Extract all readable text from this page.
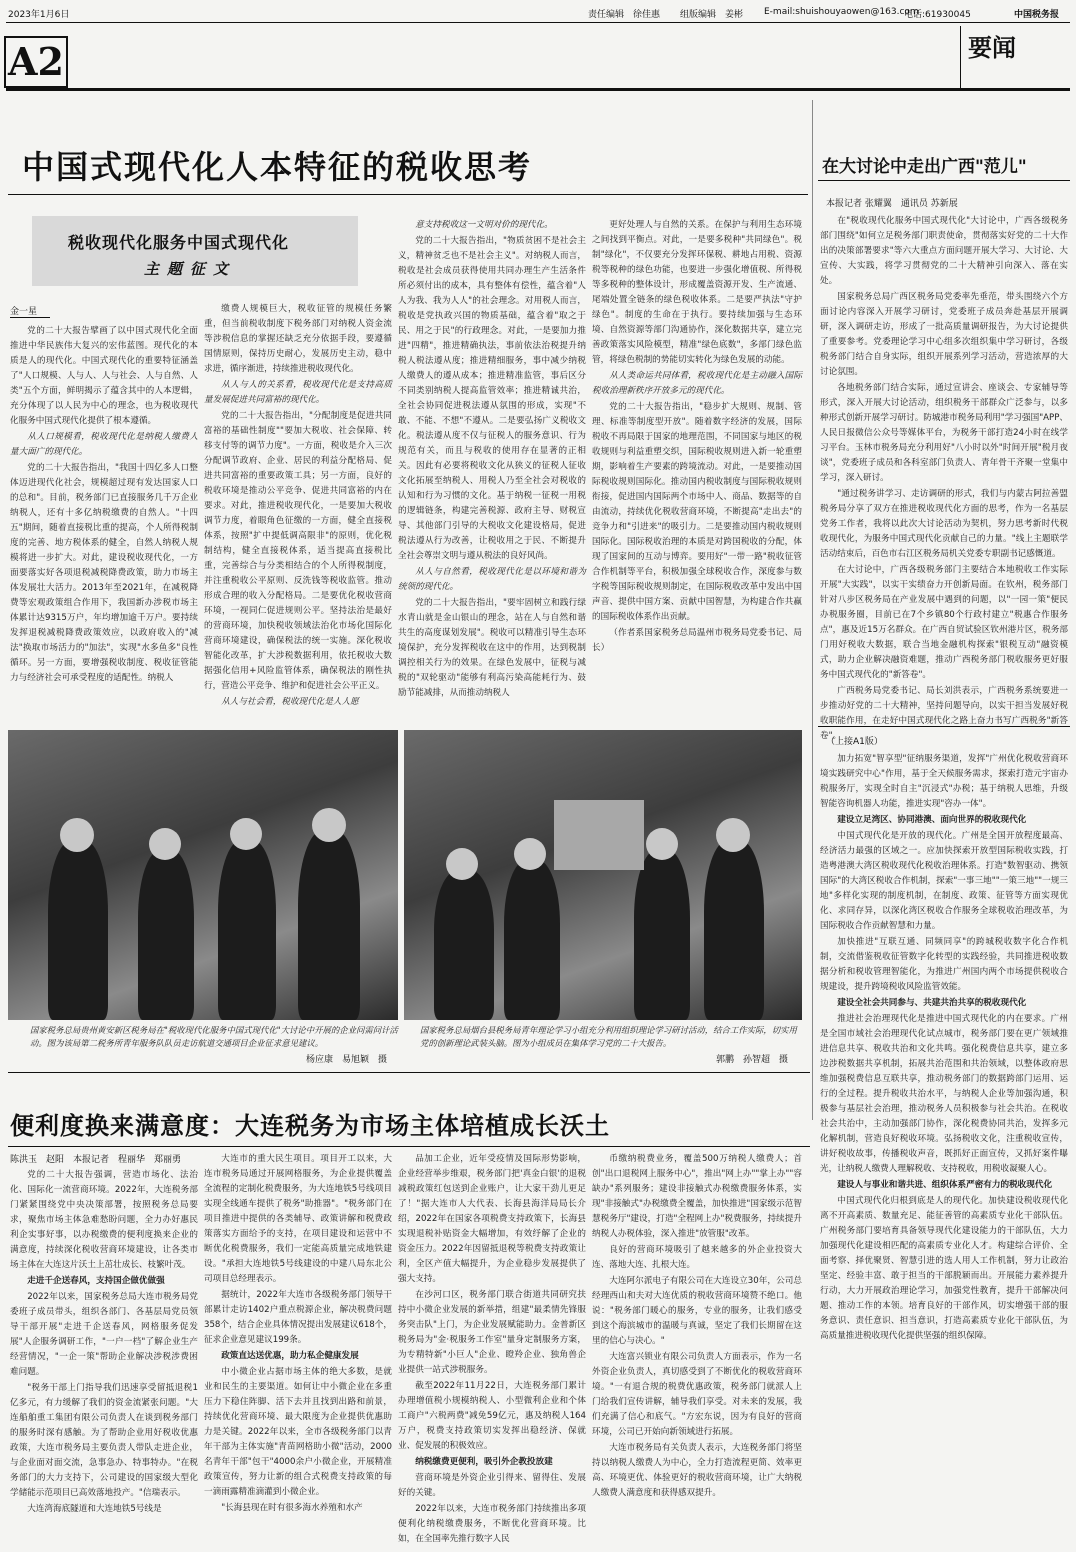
2023年1月6日	责任编辑　徐佳惠 组版编辑　姜彬 E-mail:shuishouyaowen@163.com
电话:61930045	中国税务报
A2	要闻
中国式现代化人本特征的税收思考
税收现代化服务中国式现代化
主题征文
金一星

党的二十大报告擘画了以中国式现代化全面推进中华民族伟大复兴的宏伟蓝图。现代化的本质是人的现代化。中国式现代化的重要特征涵盖了"人口规模、人与人、人与社会、人与自然、人类"五个方面，鲜明揭示了蕴含其中的人本逻辑，充分体现了以人民为中心的理念，也为税收现代化服务中国式现代化提供了根本遵循。

从人口规模看，税收现代化是纳税人缴费人量大面广的现代化。

党的二十大报告指出，"我国十四亿多人口整体迈进现代化社会，规模超过现有发达国家人口的总和"。目前，税务部门已直接服务几千万企业纳税人，还有十多亿纳税缴费的自然人。"十四五"期间，随着直接税比重的提高，个人所得税制度的完善、地方税体系的健全，自然人纳税人规模将进一步扩大。对此，建设税收现代化，一方面要落实好各项退税减税降费政策，助力市场主体发展壮大活力。2013年至2021年，在减税降费等宏观政策组合作用下，我国新办涉税市场主体累计达9315万户，年均增加逾千万户。要持续发挥退税减税降费政策效应，以政府收入的"减法"换取市场活力的"加法"，实现"水多鱼多"良性循环。另一方面，要增强税收制度、税收征管能力与经济社会可承受程度的适配性。纳税人

缴费人规模巨大，税收征管的规模任务繁重，但当前税收制度下税务部门对纳税人资金流等涉税信息的掌握还缺乏充分依据手段，要遵循国情原则，保持历史耐心，发展历史主动，稳中求进，循序渐进，持续推进税收现代化。

从人与人的关系看，税收现代化是支持高质量发展促进共同富裕的现代化。

党的二十大报告指出，"分配制度是促进共同富裕的基础性制度""要加大税收、社会保障、转移支付等的调节力度"。一方面，税收是介入三次分配调节政府、企业、居民的利益分配格局、促进共同富裕的重要政策工具；另一方面，良好的税收环境是推动公平竞争、促进共同富裕的内在要求。对此，推进税收现代化，一是要加大税收调节力度，着眼角色征缴的一方面，健全直接税体系，按照"扩中提低调高限非"的原则，优化税制结构，健全直接税体系，适当提高直接税比重，完善综合与分类相结合的个人所得税制度，并注重税收公平原则、反洗钱等税收监管。推动形成合理的收入分配格局。二是要优化税收营商环境，一视同仁促进规则公平。坚持法治是最好的营商环境，加快税收领域法治化市场化国际化营商环境建设，确保税法的统一实施。深化税收智能化改革，扩大涉税数据利用，依托税收大数据强化信用+风险监管体系，确保税法的刚性执行，营造公平竞争、维护和促进社会公平正义。

从人与社会看，税收现代化是人人愿

意支持税收这一文明对价的现代化。

党的二十大报告指出，"物质贫困不是社会主义，精神贫乏也不是社会主义"。对纳税人而言，税收是社会成员获得使用共同办理生产生活条件所必须付出的成本，具有整体有偿性，蕴含着"人人为我、我为人人"的社会理念。对用税人而言，税收是党执政兴国的物质基础，蕴含着"取之于民、用之于民"的行政理念。对此，一是要加力推进"四精"，推进精确执法，事前依法治税提升纳税人税法遵从度；推进精细服务，事中减少纳税人缴费人的遵从成本；推进精准监管，事后区分不同类别纳税人提高监管效率；推进精诚共治，全社会协同促进税法遵从氛围的形成，实现"不敢、不能、不想"不遵从。二是要弘扬广义税收文化。税法遵从度不仅与征税人的服务意识、行为规范有关，而且与税收的使用存在显著的正相关。因此有必要将税收文化从狭义的征税人征收文化拓展至纳税人、用税人乃至全社会对税收的认知和行为习惯的文化。基于纳税一征税一用税的逻辑链条，构建完善税源、政府主导、财税宣导、其他部门引导的大税收文化建设格局，促进税法遵从行为改善，让税收用之于民、不断提升全社会尊崇文明与遵从税法的良好风尚。

从人与自然看，税收现代化是以环境和谐为统领的现代化。

党的二十大报告指出，"要牢固树立和践行绿水青山就是金山银山的理念，站在人与自然和谐共生的高度谋划发展"。税收可以精准引导生态环境保护，充分发挥税收在这中的作用，达到税制调控相关行为的效果。在绿色发展中，征税与减税的"双轮驱动"能够有利高污染高能耗行为、鼓励节能减排，从而推动纳税人

更好处理人与自然的关系。在保护与利用生态环境之间找到平衡点。对此，一是要多税种"共同绿色"。税制"绿化"，不仅要充分发挥环保税、耕地占用税、资源税等税种的绿色功能，也要进一步强化增值税、所得税等多税种的整体设计，形成覆盖资源开发、生产流通、尾端处置全链条的绿色税收体系。二是要严执法"守护绿色"。制度的生命在于执行。要持续加强与生态环境、自然资源等部门沟通协作，深化数据共享，建立完善政策落实风险模型，精准"绿色底数"，多部门绿色监管，将绿色税制的势能切实转化为绿色发展的动能。

从人类命运共同体看，税收现代化是主动融入国际税收治理新秩序开放多元的现代化。

党的二十大报告指出，"稳步扩大规则、规制、管理、标准等制度型开放"。随着数字经济的发展，国际税收不再局限于国家的地理范围，不同国家与地区的税收规则与利益重塑交织，国际税收规则进入新一轮重塑期，影响着生产要素的跨境流动。对此，一是要推动国际税收规则国际化。推动国内税收制度与国际税收规则衔接，促进国内国际两个市场中人、商品、数据等的自由流动，持续优化税收营商环境，不断提高"走出去"的竞争力和"引进来"的吸引力。二是要推动国内税收规则国际化。国际税收治理的本质是对跨国税收的分配，体现了国家间的互动与博弈。要用好"一带一路"税收征管合作机制等平台，积极加强全球税收合作，深度参与数字税等国际税收规则制定，在国际税收改革中发出中国声音、提供中国方案、贡献中国智慧，为构建合作共赢的国际税收体系作出贡献。

（作者系国家税务总局温州市税务局党委书记、局长）

国家税务总局贵州黄安新区税务局在"税收现代化服务中国式现代化"大讨论中开展的企业问需问计活动。图为该局第二税务所青年服务队队员走访航道交通项目企业征求意见建议。
杨应康　易旭颖　摄
国家税务总局烟台县税务局青年理论学习小组充分利用组织理论学习研讨活动，结合工作实际，切实用党的创新理论武装头脑。图为小组成员在集体学习党的二十大报告。
郭鹏　孙智超　摄
在大讨论中走出广西"范儿"
本报记者 张耀翼　通讯员 苏新展

在"税收现代化服务中国式现代化"大讨论中，广西各级税务部门围绕"如何立足税务部门职责使命，贯彻落实好党的二十大作出的决策部署要求"等六大重点方面问题开展大学习、大讨论、大宣传、大实践，将学习贯彻党的二十大精神引向深入、落在实处。

国家税务总局广西区税务局党委率先垂范，带头围绕六个方面讨论内容深入开展学习研讨，党委班子成员奔赴基层开展调研，深入调研走访，形成了一批高质量调研报告，为大讨论提供了重要参考。党委理论学习中心组多次组织集中学习研讨，各级税务部门结合自身实际，组织开展系列学习活动，营造浓厚的大讨论氛围。

各地税务部门结合实际，通过宣讲会、座谈会、专家辅导等形式，深入开展大讨论活动，组织税务干部群众广泛参与，以多种形式创新开展学习研讨。防城港市税务局利用"学习强国"APP、人民日报微信公众号等媒体平台，为税务干部打造24小时在线学习平台。玉林市税务局充分利用好"八小时以外"时间开展"税月夜谈"，党委班子成员和各科室部门负责人、青年骨干齐聚一堂集中学习，深入研讨。

"通过税务讲学习、走访调研的形式，我们与内蒙古阿拉善盟税务局分享了双方在推进税收现代化方面的思考，作为一名基层党务工作者，我将以此次大讨论活动为契机，努力思考新时代税收现代化，为服务中国式现代化贡献自己的力量。"线上主题联学活动结束后，百色市右江区税务局机关党委专职副书记感慨道。

在大讨论中，广西各级税务部门主要结合本地税收工作实际开展"大实践"，以实干实绩奋力开创新局面。在钦州，税务部门针对八步区税务局在产业发展中遇到的问题，以"一园一策"便民办税服务圈，目前已在7个乡镇80个行政村建立"税惠合作服务点"，惠及近15万名群众。在广西自贸试验区钦州港片区，税务部门用好税收大数据，联合当地金融机构探索"银税互动"融资模式，助力企业解决融资难题，推动广西税务部门税收服务更好服务中国式现代化的"新答卷"。

广西税务局党委书记、局长刘洪表示，广西税务系统要进一步推动好党的二十大精神，坚持问题导向，以实干担当发展好税收职能作用，在走好中国式现代化之路上奋力书写广西税务"新答卷"。

（上接A1版）

加力拓宽"智享型"征纳服务渠道，发挥"广州优化税收营商环境实践研究中心"作用，基于全天候服务需求，探索打造元宇宙办税服务厅，实现全时自主"沉浸式"办税；基于纳税人思维，升级智能咨询机器人功能，推进实现"咨办一体"。

建设立足湾区、协同港澳、面向世界的税收现代化

中国式现代化是开放的现代化。广州是全国开放程度最高、经济活力最强的区域之一。应加快探索开放型国际税收实践，打造粤港澳大湾区税收现代化税收治理体系。打造"数智驱动、携领国际"的大湾区税收合作机制，探索"一事三地""一策三地""一规三地"多样化实现的制度机制，在制度、政策、征管等方面实现优化、求同存异，以深化湾区税收合作服务全球税收治理改革，为国际税收合作贡献智慧和力量。

加快推进"互联互通、同频同享"的跨城税收数字化合作机制，交流借鉴税收征管数字化转型的实践经验，共同推进税收数据分析和税收管理智能化，为推进广州国内两个市场提供税收合规建设，提升跨境税收风险监管效能。

建设全社会共同参与、共建共治共享的税收现代化

推进社会治理现代化是推进中国式现代化的内在要求。广州是全国市域社会治理现代化试点城市，税务部门要在更广领域推进信息共享、税收共治和文化共鸣。强化税费信息共享，建立多边涉税数据共享机制，拓展共治范围和共治领域，以整体政府思维加强税费信息互联共享，推动税务部门的数据跨部门运用、运行的全过程。提升税收共治水平，与纳税人企业等加强沟通，积极参与基层社会治理，推动税务人员积极参与社会共治。在税收社会共治中，主动加强部门协作，深化税费协同共治，发挥多元化解机制，营造良好税收环境。弘扬税收文化，注重税收宣传，讲好税收故事，传播税收声音，既抓好正面宣传，又抓好案件曝光，让纳税人缴费人理解税收、支持税收，用税收凝聚人心。

建设人与事业和谐共进、组织体系严密有力的税收现代化

中国式现代化归根到底是人的现代化。加快建设税收现代化离不开高素质、数量充足、能征善管的高素质专业化干部队伍。广州税务部门要培育具备领导现代化建设能力的干部队伍，大力加强现代化建设相匹配的高素质专业化人才。构建综合评价、全面考察、择优聚贤、智慧引进的选人用人工作机制，努力让政治坚定、经验丰富、敢于担当的干部脱颖而出。开展能力素养提升行动，大力开展政治理论学习，加强党性教育，提升干部解决问题、推动工作的本领。培育良好的干部作风，切实增强干部的服务意识、责任意识、担当意识，打造高素质专业化干部队伍，为高质量推进税收现代化提供坚强的组织保障。

便利度换来满意度：大连税务为市场主体培植成长沃土
陈洪玉　赵阳　本报记者　程丽华　郑丽勇

党的二十大报告强调，营造市场化、法治化、国际化一流营商环境。2022年，大连税务部门紧紧围绕党中央决策部署，按照税务总局要求，聚焦市场主体急难愁盼问题，全力办好惠民利企实事好事，以办税缴费的便利度换来企业的满意度，持续深化税收营商环境建设，让各类市场主体在大连这片沃土上茁壮成长、枝繁叶茂。

走进千企送春风，支持国企做优做强

2022年以来，国家税务总局大连市税务局党委班子成员带头，组织各部门、各基层局党员领导干部开展"走进千企送春风，网格服务促发展"人企服务调研工作，"一户一档"了解企业生产经营情况，"一企一策"帮助企业解决涉税涉费困难问题。

"税务干部上门指导我们迅速享受留抵退税1亿多元，有力缓解了我们的资金流紧张问题。"大连船舶重工集团有限公司负责人在谈到税务部门的服务时深有感触。为了帮助企业用好税收优惠政策，大连市税务局主要负责人带队走进企业，与企业面对面交流，急事急办、特事特办。"在税务部门的大力支持下，公司建设的国家级大型化学储能示范项目已高效落地投产。"信瑞表示。

大连湾海底隧道和大连地铁5号线是

大连市的重大民生项目。项目开工以来，大连市税务局通过开展网格服务，为企业提供覆盖全流程的定制化税费服务，为大连地铁5号线项目实现全线通车提供了税务"助推器"。"税务部门在项目推进中提供的各类辅导、政策讲解和税费政策落实方面给予的支持，在项目建设和运营中不断优化税费服务，我们一定能高质量完成地铁建设。"承担大连地铁5号线建设的中建八局东北公司项目总经理表示。

据统计，2022年大连市各级税务部门领导干部累计走访1402户重点税源企业，解决税费问题358个，结合企业具体情况提出发展建议618个，征求企业意见建议199条。

政策直达送优惠，助力私企健康发展

中小微企业占据市场主体的绝大多数，是就业和民生的主要渠道。如何让中小微企业在多重压力下稳住阵脚、活下去并且找到出路和前景，持续优化营商环境、最大限度为企业提供优惠助力是关键。2022年以来，全市各级税务部门以青年干部为主体实施"青苗网格助小微"活动，2000名青年干部"包干"4000余户小微企业，开展精准政策宣传，努力让新的组合式税费支持政策的每一滴雨露精准滴灌到小微企业。

"长海县现在时有很多海水养殖和水产

品加工企业，近年受疫情及国际形势影响，企业经营举步维艰，税务部门把'真金白银'的退税减税政策红包送到企业账户，让大家干劲儿更足了！"据大连市人大代表、长海县海洋局局长介绍，2022年在国家各项税费支持政策下，长海县实现退税补贴资金大幅增加，有效纾解了企业的资金压力。2022年因留抵退税等税费支持政策让利，全区产值大幅提升，为企业稳步发展提供了强大支持。

在沙河口区，税务部门联合街道共同研究扶持中小微企业发展的新举措，组建"最柔情先锋服务突击队"上门，为企业发展赋能助力。金普新区税务局为"金·税服务工作室"量身定制服务方案，为专精特新"小巨人"企业、瞪羚企业、独角兽企业提供一站式涉税服务。

截至2022年11月22日，大连税务部门累计办理增值税小规模纳税人、小型微利企业和个体工商户"六税两费"减免59亿元，惠及纳税人164万户，税费支持政策切实发挥出稳经济、保就业、促发展的积极效应。

纳税缴费更便利，吸引外企教投放建

营商环境是外资企业引得来、留得住、发展好的关键。

2022年以来，大连市税务部门持续推出多项便利化纳税缴费服务，不断优化营商环境。比如，在全国率先推行数字人民

币缴纳税费业务，覆盖500万纳税人缴费人；首创"出口退税网上服务中心"，推出"网上办""掌上办""容缺办"系列服务；建设非接触式办税缴费服务体系，实现"非接触式"办税缴费全覆盖，加快推进"国家级示范智慧税务厅"建设，打造"全程网上办"税费服务，持续提升纳税人办税体验，深入推进"放管服"改革。

良好的营商环境吸引了越来越多的外企业投资大连、落地大连、扎根大连。

大连阿尔派电子有限公司在大连设立30年，公司总经理西山和夫对大连优质的税收营商环境赞不绝口。他说："税务部门暖心的服务，专业的服务，让我们感受到这个海滨城市的温暖与真诚，坚定了我们长期留在这里的信心与决心。"

大连富兴锁业有限公司负责人方面表示，作为一名外资企业负责人，真切感受到了不断优化的税收营商环境。"一有退合规的税费优惠政策，税务部门就派人上门给我们宣传讲解，辅导我们享受。对未来的发展，我们充满了信心和底气。"方宏东说，因为有良好的营商环境，公司已开始向新领域进行拓展。

大连市税务局有关负责人表示，大连税务部门将坚持以纳税人缴费人为中心，全力打造流程更简、效率更高、环境更优、体验更好的税收营商环境，让广大纳税人缴费人满意度和获得感双提升。
